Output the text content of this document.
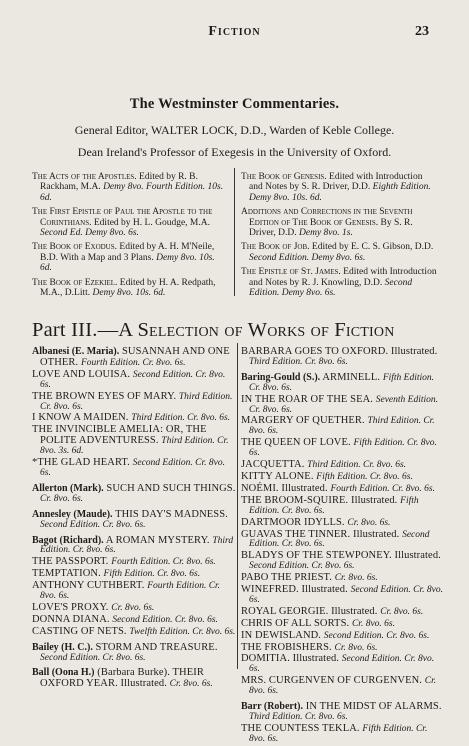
Fiction	23
The Westminster Commentaries.
General Editor, WALTER LOCK, D.D., Warden of Keble College.
Dean Ireland's Professor of Exegesis in the University of Oxford.
The Acts of the Apostles. Edited by R. B. Rackham, M.A. Demy 8vo. Fourth Edition. 10s. 6d.
The First Epistle of Paul the Apostle to the Corinthians. Edited by H. L. Goudge, M.A. Second Ed. Demy 8vo. 6s.
The Book of Exodus. Edited by A. H. M'Neile, B.D. With a Map and 3 Plans. Demy 8vo. 10s. 6d.
The Book of Ezekiel. Edited by H. A. Redpath, M.A., D.Litt. Demy 8vo. 10s. 6d.
The Book of Genesis. Edited with Introduction and Notes by S. R. Driver, D.D. Eighth Edition. Demy 8vo. 10s. 6d.
Additions and Corrections in the Seventh Edition of The Book of Genesis. By S. R. Driver, D.D. Demy 8vo. 1s.
The Book of Job. Edited by E. C. S. Gibson, D.D. Second Edition. Demy 8vo. 6s.
The Epistle of St. James. Edited with Introduction and Notes by R. J. Knowling, D.D. Second Edition. Demy 8vo. 6s.
Part III.—A Selection of Works of Fiction
Albanesi (E. Maria). SUSANNAH AND ONE OTHER. Fourth Edition. Cr. 8vo. 6s.
LOVE AND LOUISA. Second Edition. Cr. 8vo. 6s.
THE BROWN EYES OF MARY. Third Edition. Cr. 8vo. 6s.
I KNOW A MAIDEN. Third Edition. Cr. 8vo. 6s.
THE INVINCIBLE AMELIA: OR, THE POLITE ADVENTURESS. Third Edition. Cr. 8vo. 3s. 6d.
*THE GLAD HEART. Second Edition. Cr. 8vo. 6s.
Allerton (Mark). SUCH AND SUCH THINGS. Cr. 8vo. 6s.
Annesley (Maude). THIS DAY'S MADNESS. Second Edition. Cr. 8vo. 6s.
Bagot (Richard). A ROMAN MYSTERY. Third Edition. Cr. 8vo. 6s.
THE PASSPORT. Fourth Edition. Cr. 8vo. 6s.
TEMPTATION. Fifth Edition. Cr. 8vo. 6s.
ANTHONY CUTHBERT. Fourth Edition. Cr. 8vo. 6s.
LOVE'S PROXY. Cr. 8vo. 6s.
DONNA DIANA. Second Edition. Cr. 8vo. 6s.
CASTING OF NETS. Twelfth Edition. Cr. 8vo. 6s.
Bailey (H. C.). STORM AND TREASURE. Second Edition. Cr. 8vo. 6s.
Ball (Oona H.) (Barbara Burke). THEIR OXFORD YEAR. Illustrated. Cr. 8vo. 6s.
BARBARA GOES TO OXFORD. Illustrated. Third Edition. Cr. 8vo. 6s.
Baring-Gould (S.). ARMINELL. Fifth Edition. Cr. 8vo. 6s.
IN THE ROAR OF THE SEA. Seventh Edition. Cr. 8vo. 6s.
MARGERY OF QUETHER. Third Edition. Cr. 8vo. 6s.
THE QUEEN OF LOVE. Fifth Edition. Cr. 8vo. 6s.
JACQUETTA. Third Edition. Cr. 8vo. 6s.
KITTY ALONE. Fifth Edition. Cr. 8vo. 6s.
NOÉMI. Illustrated. Fourth Edition. Cr. 8vo. 6s.
THE BROOM-SQUIRE. Illustrated. Fifth Edition. Cr. 8vo. 6s.
DARTMOOR IDYLLS. Cr. 8vo. 6s.
GUAVAS THE TINNER. Illustrated. Second Edition. Cr. 8vo. 6s.
BLADYS OF THE STEWPONEY. Illustrated. Second Edition. Cr. 8vo. 6s.
PABO THE PRIEST. Cr. 8vo. 6s.
WINEFRED. Illustrated. Second Edition. Cr. 8vo. 6s.
ROYAL GEORGIE. Illustrated. Cr. 8vo. 6s.
CHRIS OF ALL SORTS. Cr. 8vo. 6s.
IN DEWISLAND. Second Edition. Cr. 8vo. 6s.
THE FROBISHERS. Cr. 8vo. 6s.
DOMITIA. Illustrated. Second Edition. Cr. 8vo. 6s.
MRS. CURGENVEN OF CURGENVEN. Cr. 8vo. 6s.
Barr (Robert). IN THE MIDST OF ALARMS. Third Edition. Cr. 8vo. 6s.
THE COUNTESS TEKLA. Fifth Edition. Cr. 8vo. 6s.
